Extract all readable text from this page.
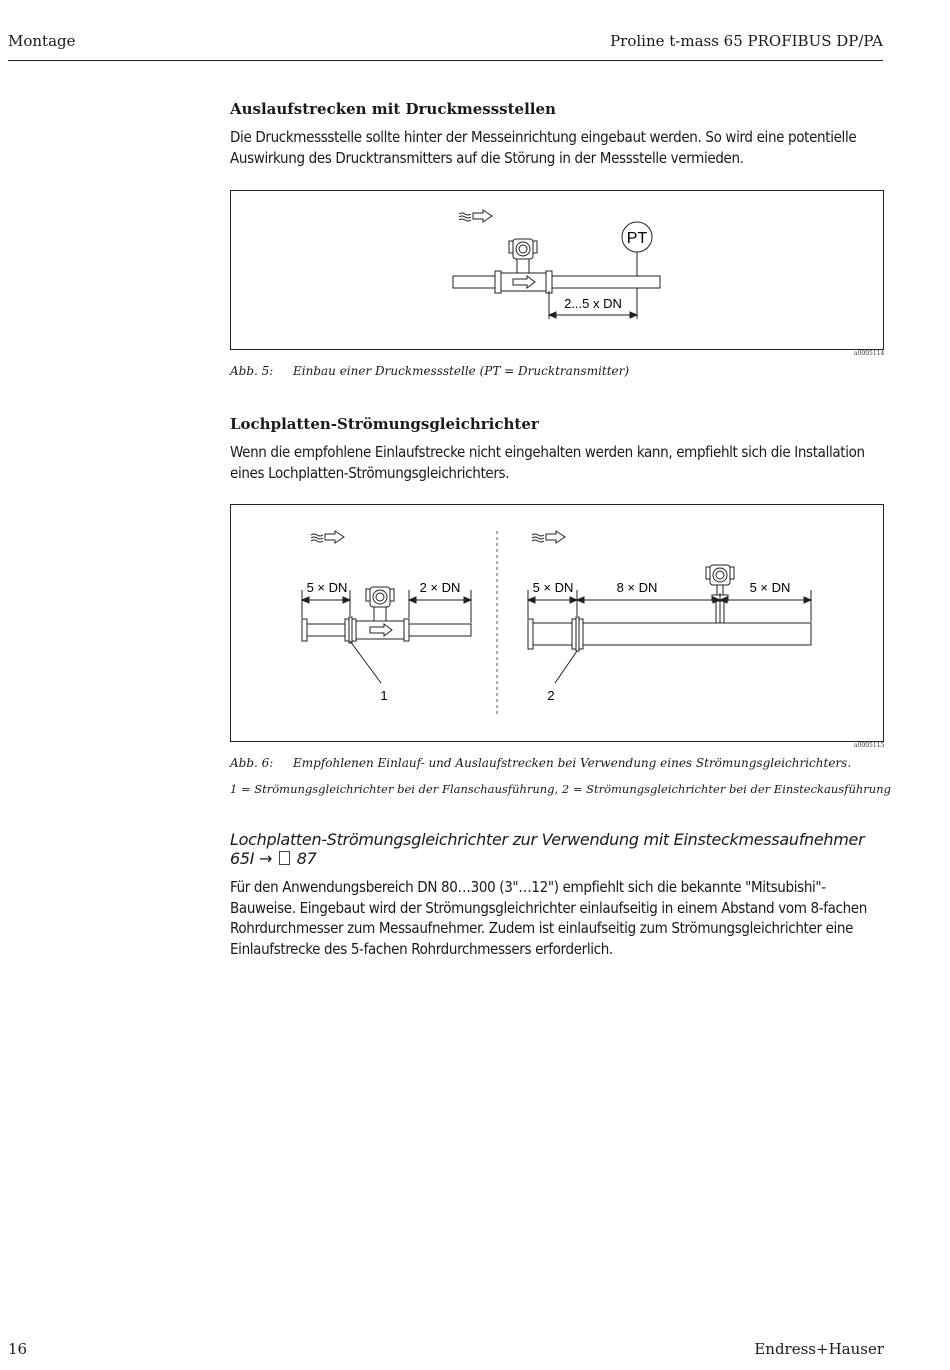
Montage	Proline t-mass 65 PROFIBUS DP/PA
Auslaufstrecken mit Druckmessstellen

Die Druckmessstelle sollte hinter der Messeinrichtung eingebaut werden. So wird eine potentielle Auswirkung des Drucktransmitters auf die Störung in der Messstelle vermieden.

PT
2...5 x DN
a0005114
Abb. 5: Einbau einer Druckmessstelle (PT = Drucktransmitter)
Lochplatten-Strömungsgleichrichter

Wenn die empfohlene Einlaufstrecke nicht eingehalten werden kann, empfiehlt sich die Installation eines Lochplatten-Strömungsgleichrichters.

5 × DN	2 × DN
1
5 × DN	8 × DN	5 × DN
2
a0005115
Abb. 6: Empfohlenen Einlauf- und Auslaufstrecken bei Verwendung eines Strömungsgleichrichters.
1 = Strömungsgleichrichter bei der Flanschausführung, 2 = Strömungsgleichrichter bei der Einsteckausführung
Lochplatten-Strömungsgleichrichter zur Verwendung mit Einsteckmessaufnehmer 65I → 87

Für den Anwendungsbereich DN 80…300 (3"…12") empfiehlt sich die bekannte "Mitsubishi"-Bauweise. Eingebaut wird der Strömungsgleichrichter einlaufseitig in einem Abstand vom 8-fachen Rohrdurchmesser zum Messaufnehmer. Zudem ist einlaufseitig zum Strömungsgleichrichter eine Einlaufstrecke des 5-fachen Rohrdurchmessers erforderlich.

16	Endress+Hauser
